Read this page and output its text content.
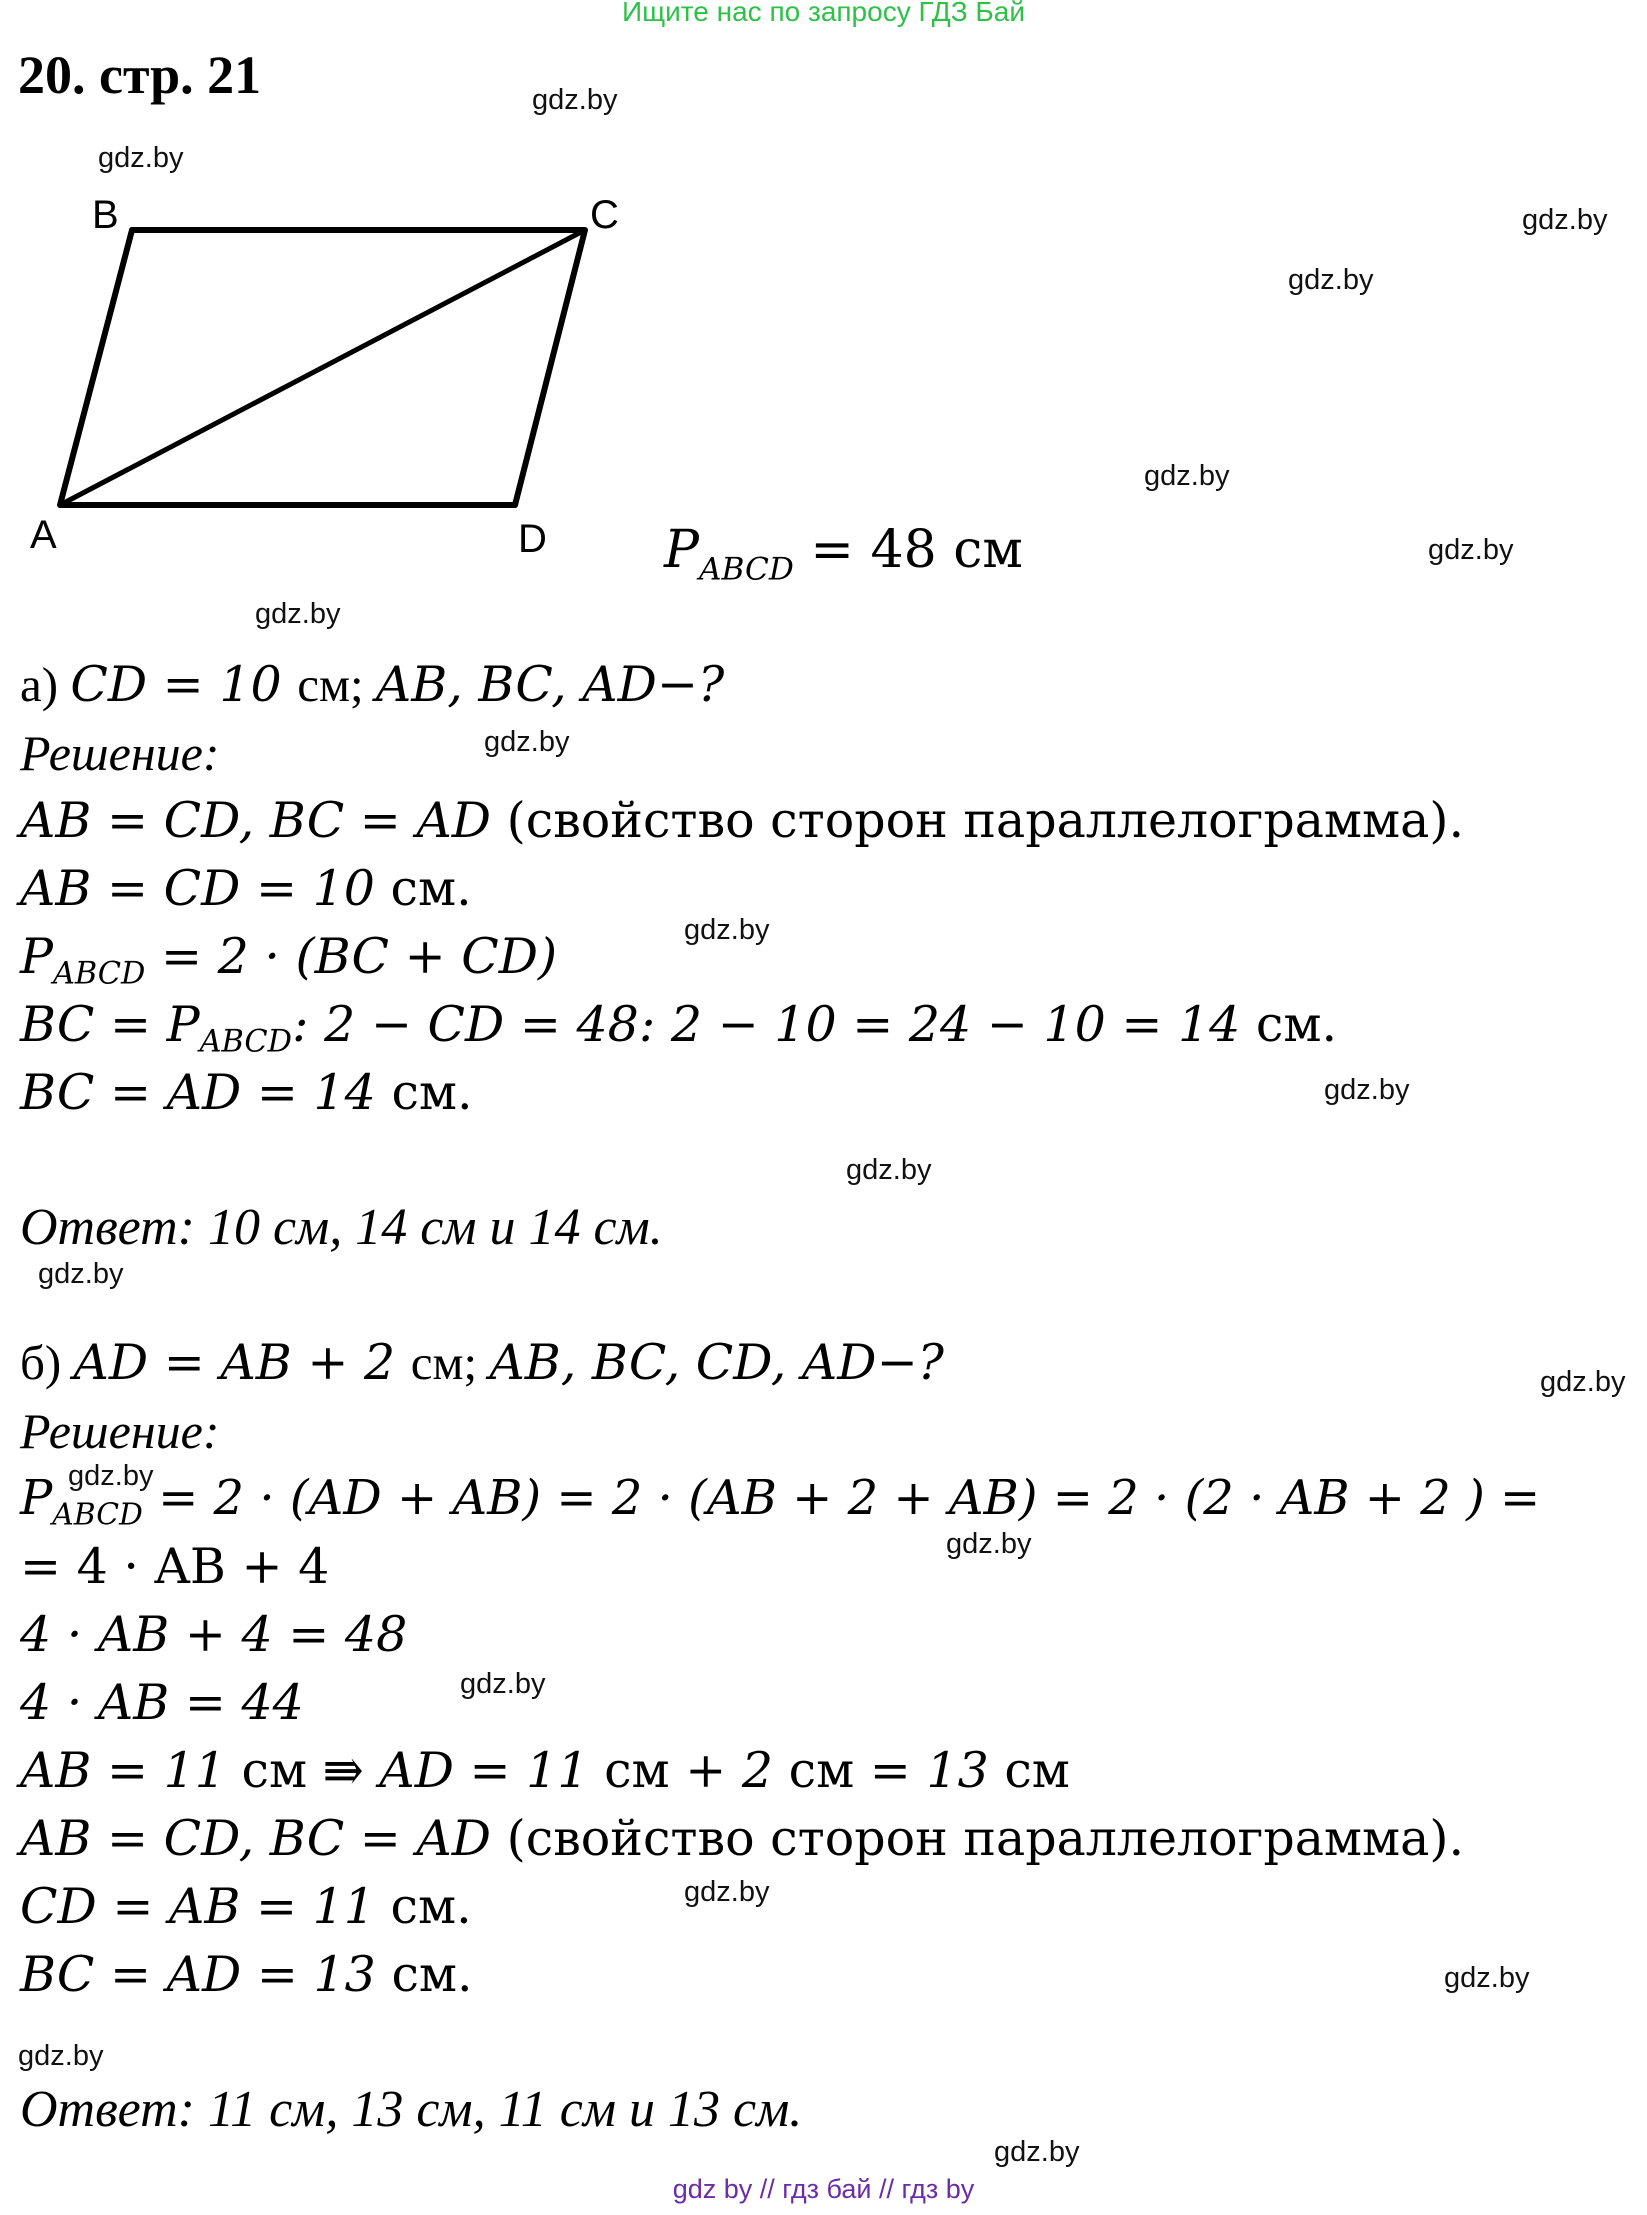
Ищите нас по запросу ГДЗ Бай
20. стр. 21
A
B	C
D $P_{ABCD} = 48$ см
а) CD = 10 см; AB, BC, AD−?
Решение:
AB = CD, BC = AD (свойство сторон параллелограмма).
AB = CD = 10 см.
$P_{ABCD} = 2 \cdot (BC + CD)$
BC = $P_{ABCD}$: 2 − CD = 48: 2 − 10 = 24 − 10 = 14 см.
BC = AD = 14 см.
Ответ: 10 см, 14 см и 14 см.
б) AD = AB + 2 см; AB, BC, CD, AD−?
Решение:
$P_{ABCD} = 2 \cdot (AD + AB) = 2 \cdot (AB + 2 + AB) = 2 \cdot (2$ · AB + 2 ) =
= 4 · AB + 4
4 · AB + 4 = 48
4 · AB = 44
AB = 11 см ⇛ AD = 11 см + 2 см = 13 см
AB = CD, BC = AD (свойство сторон параллелограмма).
CD = AB = 11 см.
BC = AD = 13 см.
Ответ: 11 см, 13 см, 11 см и 13 см.
gdz.by
gdz.by
gdz.by
gdz.by
gdz.by
gdz.by
gdz.by
gdz.by
gdz.by
gdz.by
gdz.by
gdz.by
gdz.by
gdz.by
gdz.by
gdz.by
gdz.by
gdz.by
gdz.by
gdz.by
gdz by // гдз бай // гдз by
